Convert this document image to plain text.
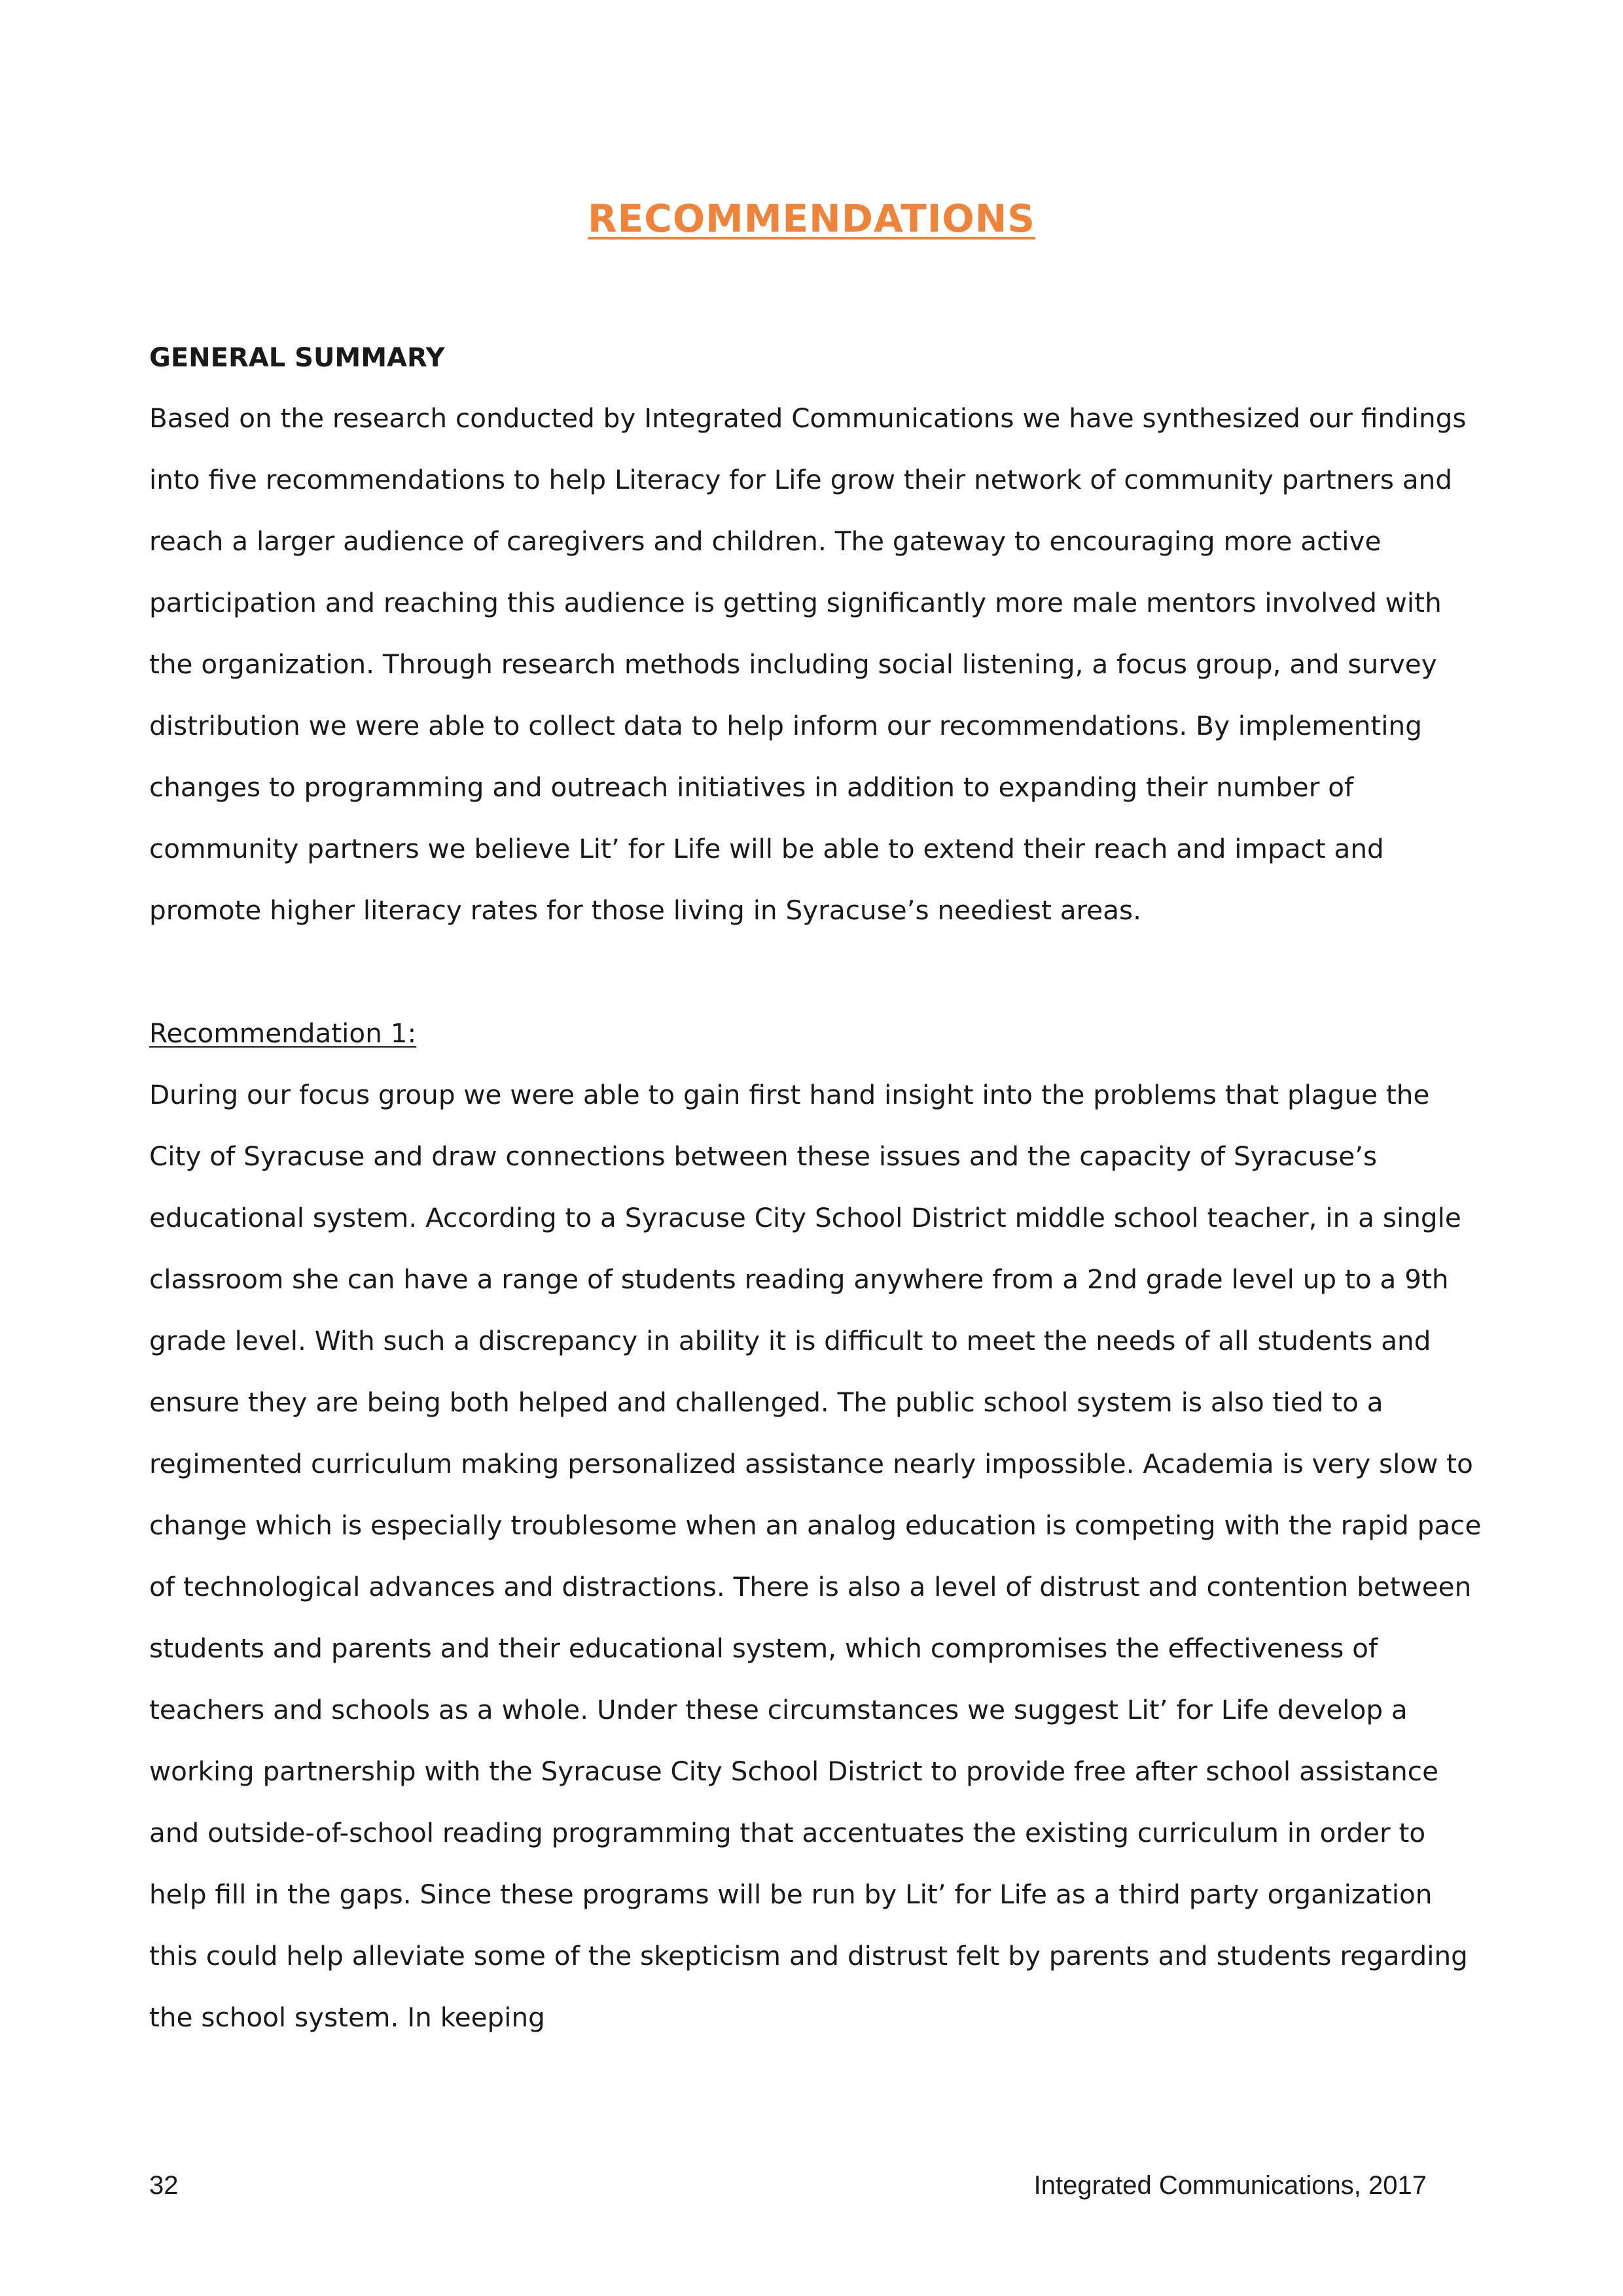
RECOMMENDATIONS
GENERAL SUMMARY

Based on the research conducted by Integrated Communications we have synthesized our findings into five recommendations to help Literacy for Life grow their network of community partners and reach a larger audience of caregivers and children. The gateway to encouraging more active participation and reaching this audience is getting significantly more male mentors involved with the organization. Through research methods including social listening, a focus group, and survey distribution we were able to collect data to help inform our recommendations. By implementing changes to programming and outreach initiatives in addition to expanding their number of community partners we believe Lit’ for Life will be able to extend their reach and impact and promote higher literacy rates for those living in Syracuse’s neediest areas.

Recommendation 1:

During our focus group we were able to gain first hand insight into the problems that plague the City of Syracuse and draw connections between these issues and the capacity of Syracuse’s educational system. According to a Syracuse City School District middle school teacher, in a single classroom she can have a range of students reading anywhere from a 2nd grade level up to a 9th grade level. With such a discrepancy in ability it is difficult to meet the needs of all students and ensure they are being both helped and challenged. The public school system is also tied to a regimented curriculum making personalized assistance nearly impossible. Academia is very slow to change which is especially troublesome when an analog education is competing with the rapid pace of technological advances and distractions. There is also a level of distrust and contention between students and parents and their educational system, which compromises the effectiveness of teachers and schools as a whole. Under these circumstances we suggest Lit’ for Life develop a working partnership with the Syracuse City School District to provide free after school assistance and outside-of-school reading programming that accentuates the existing curriculum in order to help fill in the gaps. Since these programs will be run by Lit’ for Life as a third party organization this could help alleviate some of the skepticism and distrust felt by parents and students regarding the school system. In keeping

32	Integrated Communications, 2017
